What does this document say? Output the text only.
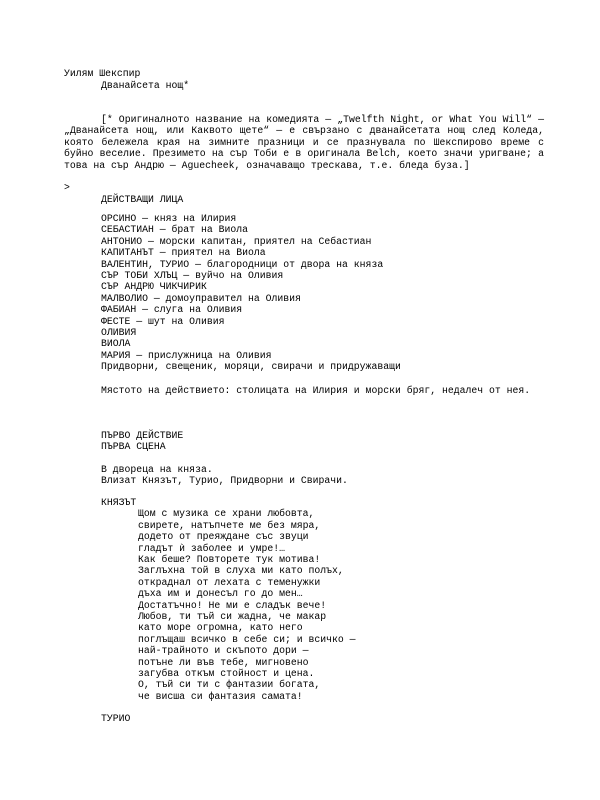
Уилям Шекспир
Дванайсета нощ*
[* Оригиналното название на комедията — „Twelfth Night, or What You Will“ — „Дванайсета нощ, или Каквото щете“ — е свързано с дванайсетата нощ след Коледа, която бележела края на зимните празници и се празнувала по Шекспирово време с буйно веселие. Презимето на сър Тоби е в оригинала Belch, което значи уригване; а това на сър Андрю — Aguecheek, означаващо трескава, т.е. бледа буза.]
>
ДЕЙСТВАЩИ ЛИЦА
ОРСИНО — княз на Илирия
СЕБАСТИАН — брат на Виола
АНТОНИО — морски капитан, приятел на Себастиан
КАПИТАНЪТ — приятел на Виола
ВАЛЕНТИН, ТУРИО — благородници от двора на княза
СЪР ТОБИ ХЛЪЦ — вуйчо на Оливия
СЪР АНДРЮ ЧИКЧИРИК
МАЛВОЛИО — домоуправител на Оливия
ФАБИАН — слуга на Оливия
ФЕСТЕ — шут на Оливия
ОЛИВИЯ
ВИОЛА
МАРИЯ — прислужница на Оливия
Придворни, свещеник, моряци, свирачи и придружаващи
Мястото на действието: столицата на Илирия и морски бряг, недалеч от нея.
ПЪРВО ДЕЙСТВИЕ
ПЪРВА СЦЕНА
В двореца на княза.
Влизат Князът, Турио, Придворни и Свирачи.
КНЯЗЪТ
Щом с музика се храни любовта,
свирете, натъпчете ме без мяра,
додето от преяждане със звуци
гладът ѝ заболее и умре!…
Как беше? Повторете тук мотива!
Заглъхна той в слуха ми като полъх,
откраднал от лехата с теменужки
дъха им и донесъл го до мен…
Достатъчно! Не ми е сладък вече!
Любов, ти тъй си жадна, че макар
като море огромна, като него
поглъщаш всичко в себе си; и всичко —
най-трайното и скъпото дори —
потъне ли във тебе, мигновено
загубва откъм стойност и цена.
О, тъй си ти с фантазии богата,
че висша си фантазия самата!
ТУРИО
